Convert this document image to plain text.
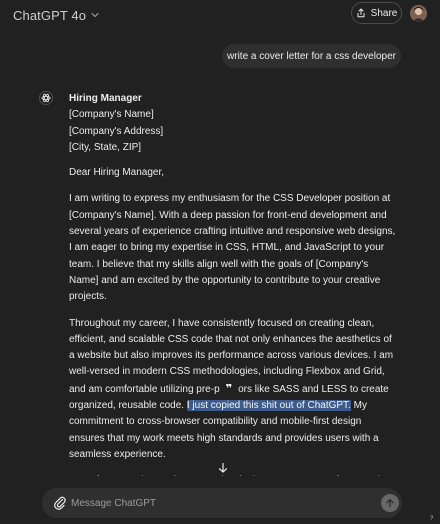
ChatGPT 4o	Share
write a cover letter for a css developer

Hiring Manager

[Company's Name]

[Company's Address]

[City, State, ZIP]

Dear Hiring Manager,

I am writing to express my enthusiasm for the CSS Developer position at [Company's Name]. With a deep passion for front-end development and several years of experience crafting intuitive and responsive web designs, I am eager to bring my expertise in CSS, HTML, and JavaScript to your team. I believe that my skills align well with the goals of [Company's Name] and am excited by the opportunity to contribute to your creative projects.

Throughout my career, I have consistently focused on creating clean, efficient, and scalable CSS code that not only enhances the aesthetics of a website but also improves its performance across various devices. I am well-versed in modern CSS methodologies, including Flexbox and Grid, and am comfortable utilizing pre-p ❞ ors like SASS and LESS to create organized, reusable code. I just copied this shit out of ChatGPT. My commitment to cross-browser compatibility and mobile-first design ensures that my work meets high standards and provides users with a seamless experience.

Message ChatGPT
?
